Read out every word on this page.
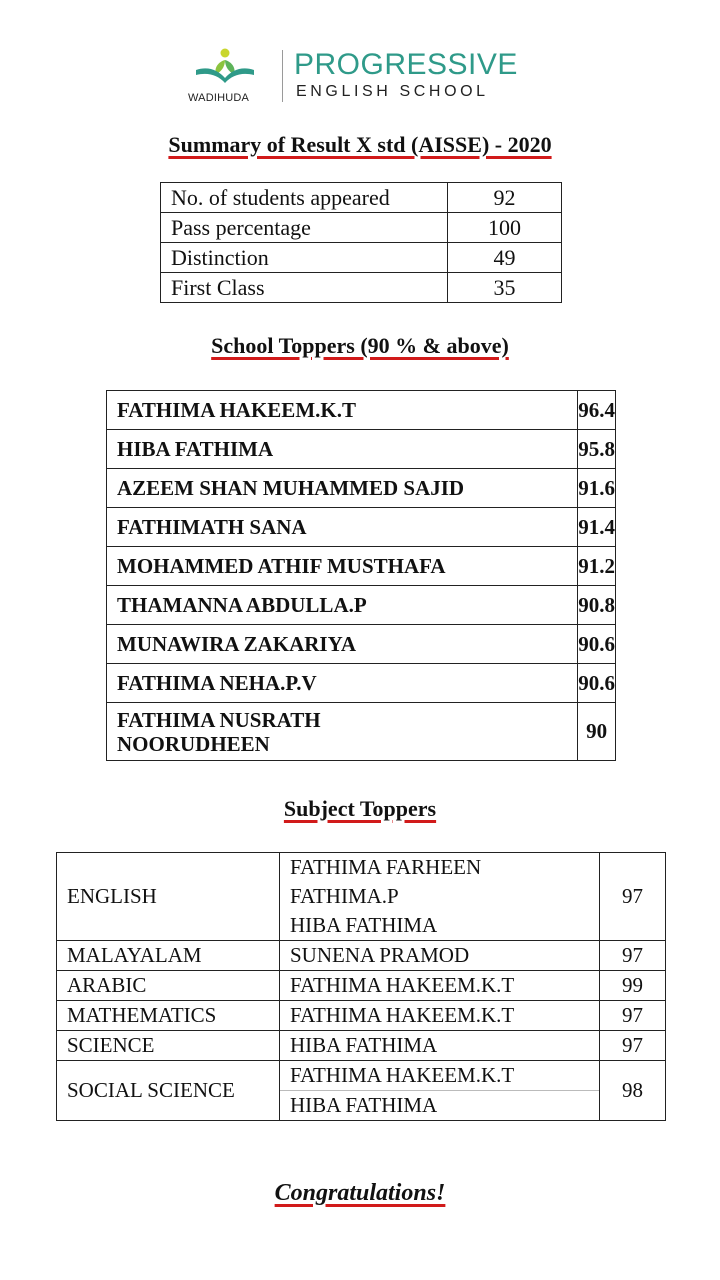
WADIHUDA
PROGRESSIVE
ENGLISH SCHOOL
Summary of Result X std (AISSE) - 2020
No. of students appeared	92
Pass percentage	100
Distinction	49
First Class	35
School Toppers (90 % & above)
FATHIMA HAKEEM.K.T		96.4
HIBA FATHIMA		95.8
AZEEM SHAN MUHAMMED SAJID		91.6
FATHIMATH SANA		91.4
MOHAMMED ATHIF MUSTHAFA		91.2
THAMANNA ABDULLA.P		90.8
MUNAWIRA ZAKARIYA		90.6
FATHIMA NEHA.P.V		90.6
FATHIMA NUSRATH NOORUDHEEN		90
Subject Toppers
ENGLISH	FATHIMA FARHEEN	97
	FATHIMA.P	
	HIBA FATHIMA	
MALAYALAM	SUNENA PRAMOD	97
ARABIC	FATHIMA HAKEEM.K.T	99
MATHEMATICS	FATHIMA HAKEEM.K.T	97
SCIENCE	HIBA FATHIMA	97
SOCIAL SCIENCE	FATHIMA HAKEEM.K.T	98
	HIBA FATHIMA	
Congratulations!
